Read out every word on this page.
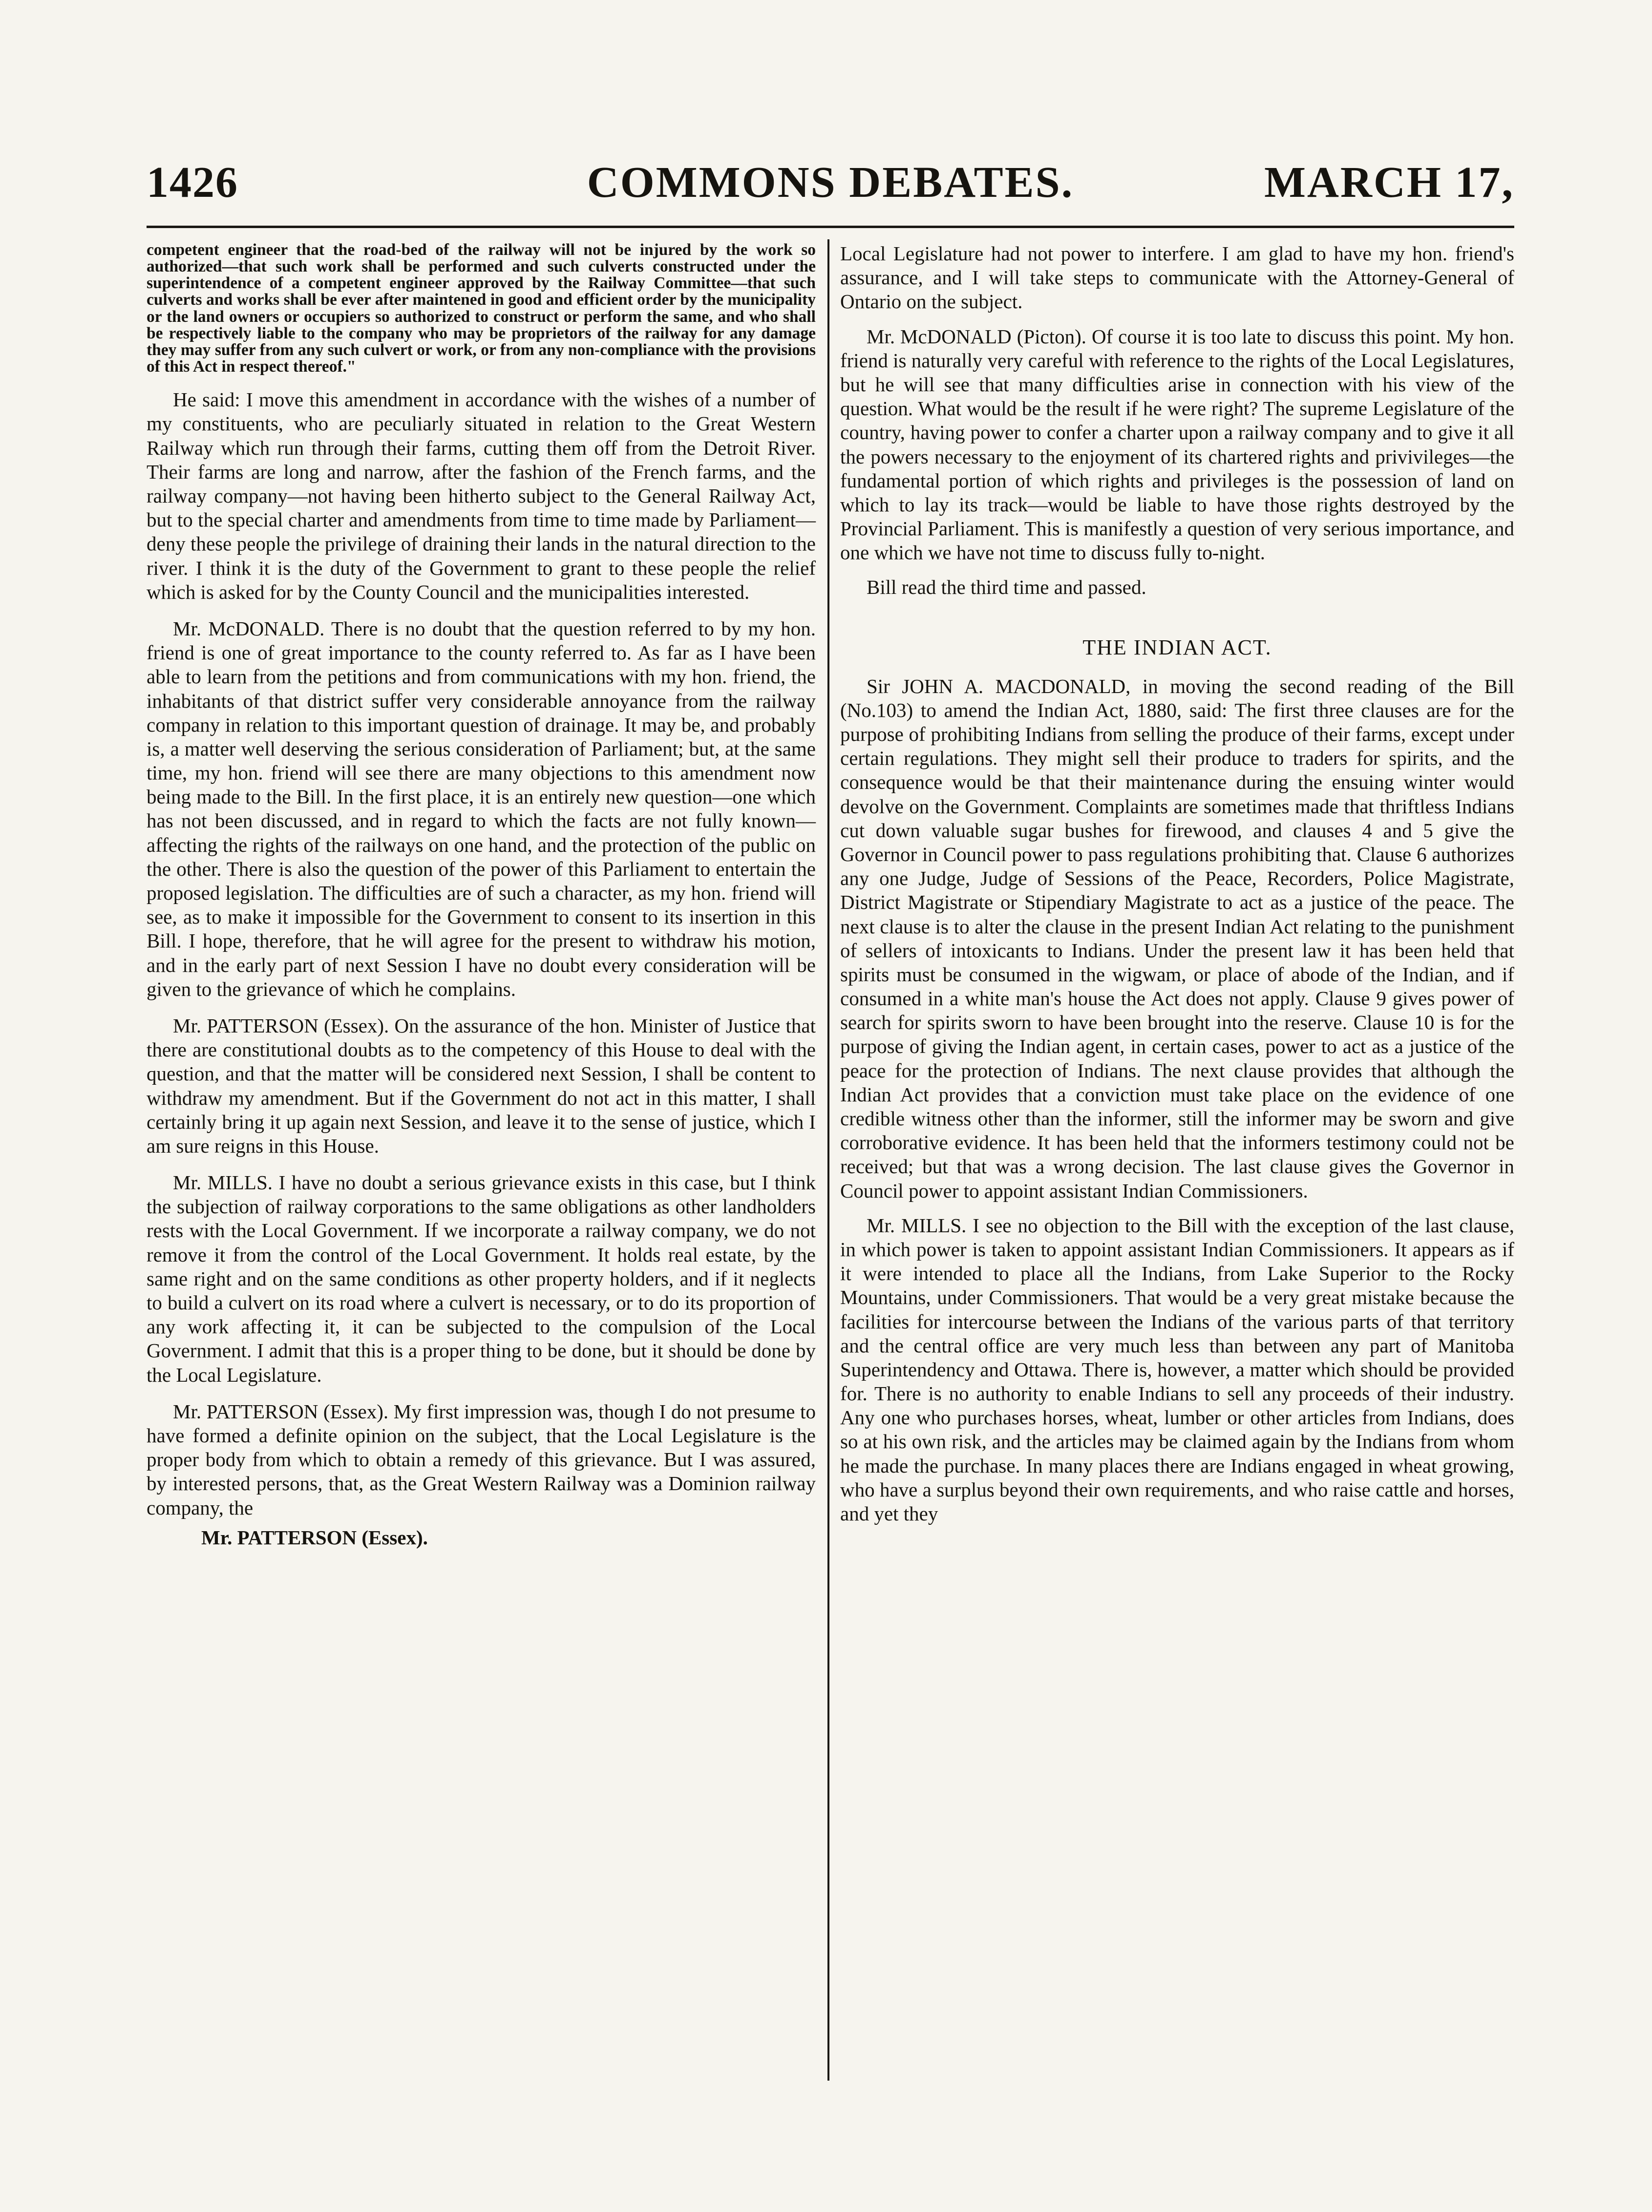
1426	COMMONS DEBATES.	MARCH 17,

competent engineer that the road-bed of the railway will not be injured by the work so authorized—that such work shall be performed and such culverts constructed under the superintendence of a competent engineer approved by the Railway Committee—that such culverts and works shall be ever after maintened in good and efficient order by the municipality or the land owners or occupiers so authorized to construct or perform the same, and who shall be respectively liable to the company who may be proprietors of the railway for any damage they may suffer from any such culvert or work, or from any non-compliance with the provisions of this Act in respect thereof."

He said: I move this amendment in accordance with the wishes of a number of my constituents, who are peculiarly situated in relation to the Great Western Railway which run through their farms, cutting them off from the Detroit River. Their farms are long and narrow, after the fashion of the French farms, and the railway company—not having been hitherto subject to the General Railway Act, but to the special charter and amendments from time to time made by Parliament—deny these people the privilege of draining their lands in the natural direction to the river. I think it is the duty of the Government to grant to these people the relief which is asked for by the County Council and the municipalities interested.

Mr. McDONALD. There is no doubt that the question referred to by my hon. friend is one of great importance to the county referred to. As far as I have been able to learn from the petitions and from communications with my hon. friend, the inhabitants of that district suffer very considerable annoyance from the railway company in relation to this important question of drainage. It may be, and probably is, a matter well deserving the serious consideration of Parliament; but, at the same time, my hon. friend will see there are many objections to this amendment now being made to the Bill. In the first place, it is an entirely new question—one which has not been discussed, and in regard to which the facts are not fully known—affecting the rights of the railways on one hand, and the protection of the public on the other. There is also the question of the power of this Parliament to entertain the proposed legislation. The difficulties are of such a character, as my hon. friend will see, as to make it impossible for the Government to consent to its insertion in this Bill. I hope, therefore, that he will agree for the present to withdraw his motion, and in the early part of next Session I have no doubt every consideration will be given to the grievance of which he complains.

Mr. PATTERSON (Essex). On the assurance of the hon. Minister of Justice that there are constitutional doubts as to the competency of this House to deal with the question, and that the matter will be considered next Session, I shall be content to withdraw my amendment. But if the Government do not act in this matter, I shall certainly bring it up again next Session, and leave it to the sense of justice, which I am sure reigns in this House.

Mr. MILLS. I have no doubt a serious grievance exists in this case, but I think the subjection of railway corporations to the same obligations as other landholders rests with the Local Government. If we incorporate a railway company, we do not remove it from the control of the Local Government. It holds real estate, by the same right and on the same conditions as other property holders, and if it neglects to build a culvert on its road where a culvert is necessary, or to do its proportion of any work affecting it, it can be subjected to the compulsion of the Local Government. I admit that this is a proper thing to be done, but it should be done by the Local Legislature.

Mr. PATTERSON (Essex). My first impression was, though I do not presume to have formed a definite opinion on the subject, that the Local Legislature is the proper body from which to obtain a remedy of this grievance. But I was assured, by interested persons, that, as the Great Western Railway was a Dominion railway company, the

Mr. PATTERSON (Essex).

Local Legislature had not power to interfere. I am glad to have my hon. friend's assurance, and I will take steps to communicate with the Attorney-General of Ontario on the subject.

Mr. McDONALD (Picton). Of course it is too late to discuss this point. My hon. friend is naturally very careful with reference to the rights of the Local Legislatures, but he will see that many difficulties arise in connection with his view of the question. What would be the result if he were right? The supreme Legislature of the country, having power to confer a charter upon a railway company and to give it all the powers necessary to the enjoyment of its chartered rights and privivileges—the fundamental portion of which rights and privileges is the possession of land on which to lay its track—would be liable to have those rights destroyed by the Provincial Parliament. This is manifestly a question of very serious importance, and one which we have not time to discuss fully to-night.

Bill read the third time and passed.

THE INDIAN ACT.

Sir JOHN A. MACDONALD, in moving the second reading of the Bill (No.103) to amend the Indian Act, 1880, said: The first three clauses are for the purpose of prohibiting Indians from selling the produce of their farms, except under certain regulations. They might sell their produce to traders for spirits, and the consequence would be that their maintenance during the ensuing winter would devolve on the Government. Complaints are sometimes made that thriftless Indians cut down valuable sugar bushes for firewood, and clauses 4 and 5 give the Governor in Council power to pass regulations prohibiting that. Clause 6 authorizes any one Judge, Judge of Sessions of the Peace, Recorders, Police Magistrate, District Magistrate or Stipendiary Magistrate to act as a justice of the peace. The next clause is to alter the clause in the present Indian Act relating to the punishment of sellers of intoxicants to Indians. Under the present law it has been held that spirits must be consumed in the wigwam, or place of abode of the Indian, and if consumed in a white man's house the Act does not apply. Clause 9 gives power of search for spirits sworn to have been brought into the reserve. Clause 10 is for the purpose of giving the Indian agent, in certain cases, power to act as a justice of the peace for the protection of Indians. The next clause provides that although the Indian Act provides that a conviction must take place on the evidence of one credible witness other than the informer, still the informer may be sworn and give corroborative evidence. It has been held that the informers testimony could not be received; but that was a wrong decision. The last clause gives the Governor in Council power to appoint assistant Indian Commissioners.

Mr. MILLS. I see no objection to the Bill with the exception of the last clause, in which power is taken to appoint assistant Indian Commissioners. It appears as if it were intended to place all the Indians, from Lake Superior to the Rocky Mountains, under Commissioners. That would be a very great mistake because the facilities for intercourse between the Indians of the various parts of that territory and the central office are very much less than between any part of Manitoba Superintendency and Ottawa. There is, however, a matter which should be provided for. There is no authority to enable Indians to sell any proceeds of their industry. Any one who purchases horses, wheat, lumber or other articles from Indians, does so at his own risk, and the articles may be claimed again by the Indians from whom he made the purchase. In many places there are Indians engaged in wheat growing, who have a surplus beyond their own requirements, and who raise cattle and horses, and yet they
